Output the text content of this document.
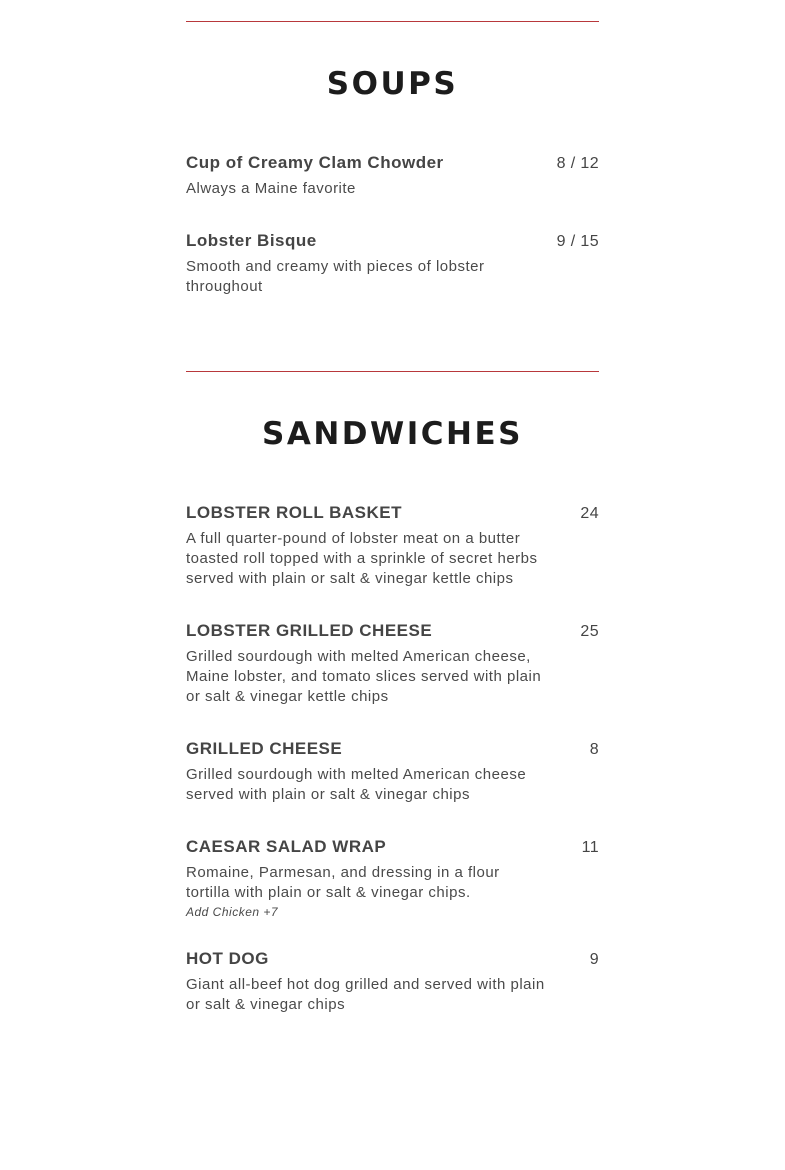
SOUPS
Cup of Creamy Clam Chowder	8 / 12
Always a Maine favorite
Lobster Bisque	9 / 15
Smooth and creamy with pieces of lobster throughout
SANDWICHES
LOBSTER ROLL BASKET	24
A full quarter-pound of lobster meat on a butter toasted roll topped with a sprinkle of secret herbs served with plain or salt & vinegar kettle chips
LOBSTER GRILLED CHEESE	25
Grilled sourdough with melted American cheese, Maine lobster, and tomato slices served with plain or salt & vinegar kettle chips
GRILLED CHEESE	8
Grilled sourdough with melted American cheese served with plain or salt & vinegar chips
CAESAR SALAD WRAP	11
Romaine, Parmesan, and dressing in a flour tortilla with plain or salt & vinegar chips.
Add Chicken +7
HOT DOG	9
Giant all-beef hot dog grilled and served with plain or salt & vinegar chips
